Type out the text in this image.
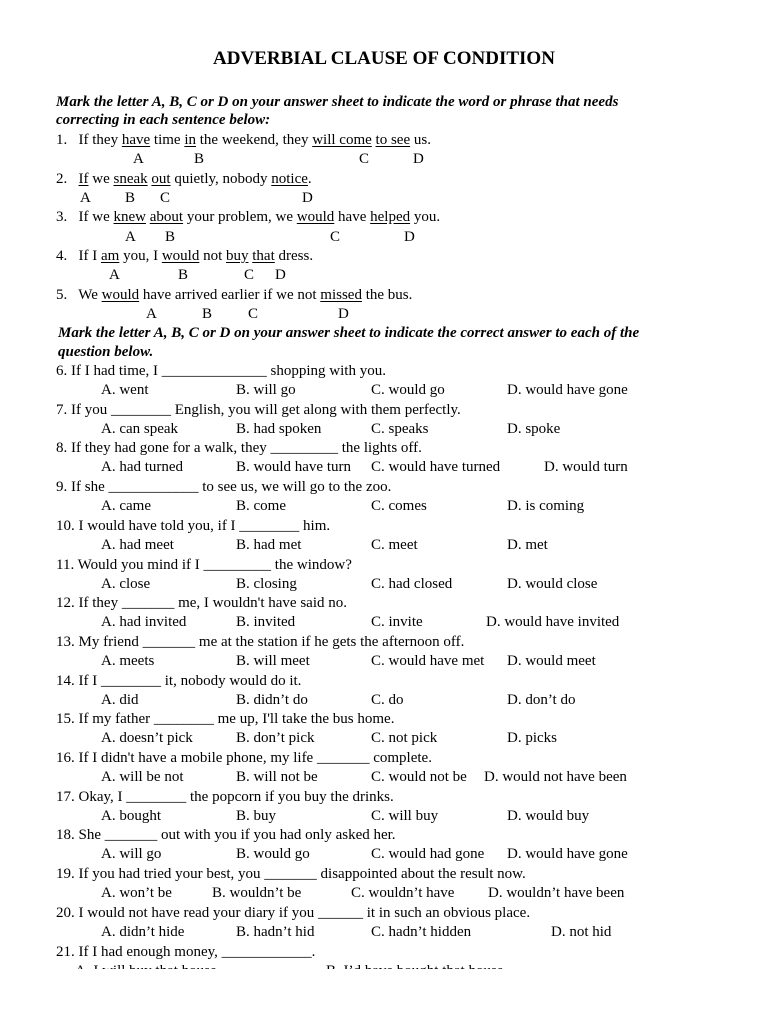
ADVERBIAL CLAUSE OF CONDITION
Mark the letter A, B, C or D on your answer sheet to indicate the word or phrase that needs
correcting in each sentence below:
1. If they have time in the weekend, they will come to see us.
A	B	C	D
2. If we sneak out quietly, nobody notice.
A B C	D
3. If we knew about your problem, we would have helped you.
A B	C	D
4. If I am you, I would not buy that dress.
A	B	C D
5. We would have arrived earlier if we not missed the bus.
A	B C	D
Mark the letter A, B, C or D on your answer sheet to indicate the correct answer to each of the
question below.
6. If I had time, I ______________ shopping with you.
A. went	B. will go	C. would go	D. would have gone
7. If you ________ English, you will get along with them perfectly.
A. can speak	B. had spoken	C. speaks	D. spoke
8. If they had gone for a walk, they _________ the lights off.
A. had turned	B. would have turn C. would have turned	D. would turn
9. If she ____________ to see us, we will go to the zoo.
A. came	B. come	C. comes	D. is coming
10. I would have told you, if I ________ him.
A. had meet	B. had met	C. meet	D. met
11. Would you mind if I _________ the window?
A. close	B. closing	C. had closed	D. would close
12. If they _______ me, I wouldn't have said no.
A. had invited	B. invited	C. invite	D. would have invited
13. My friend _______ me at the station if he gets the afternoon off.
A. meets	B. will meet	C. would have met D. would meet
14. If I ________ it, nobody would do it.
A. did	B. didn’t do	C. do	D. don’t do
15. If my father ________ me up, I'll take the bus home.
A. doesn’t pick	B. don’t pick	C. not pick	D. picks
16. If I didn't have a mobile phone, my life _______ complete.
A. will be not	B. will not be	C. would not be D. would not have been
17. Okay, I ________ the popcorn if you buy the drinks.
A. bought	B. buy	C. will buy	D. would buy
18. She _______ out with you if you had only asked her.
A. will go	B. would go	C. would had gone D. would have gone
19. If you had tried your best, you _______ disappointed about the result now.
A. won’t be	B. wouldn’t be	C. wouldn’t have D. wouldn’t have been
20. I would not have read your diary if you ______ it in such an obvious place.
A. didn’t hide	B. hadn’t hid	C. hadn’t hidden	D. not hid
21. If I had enough money, ____________.
